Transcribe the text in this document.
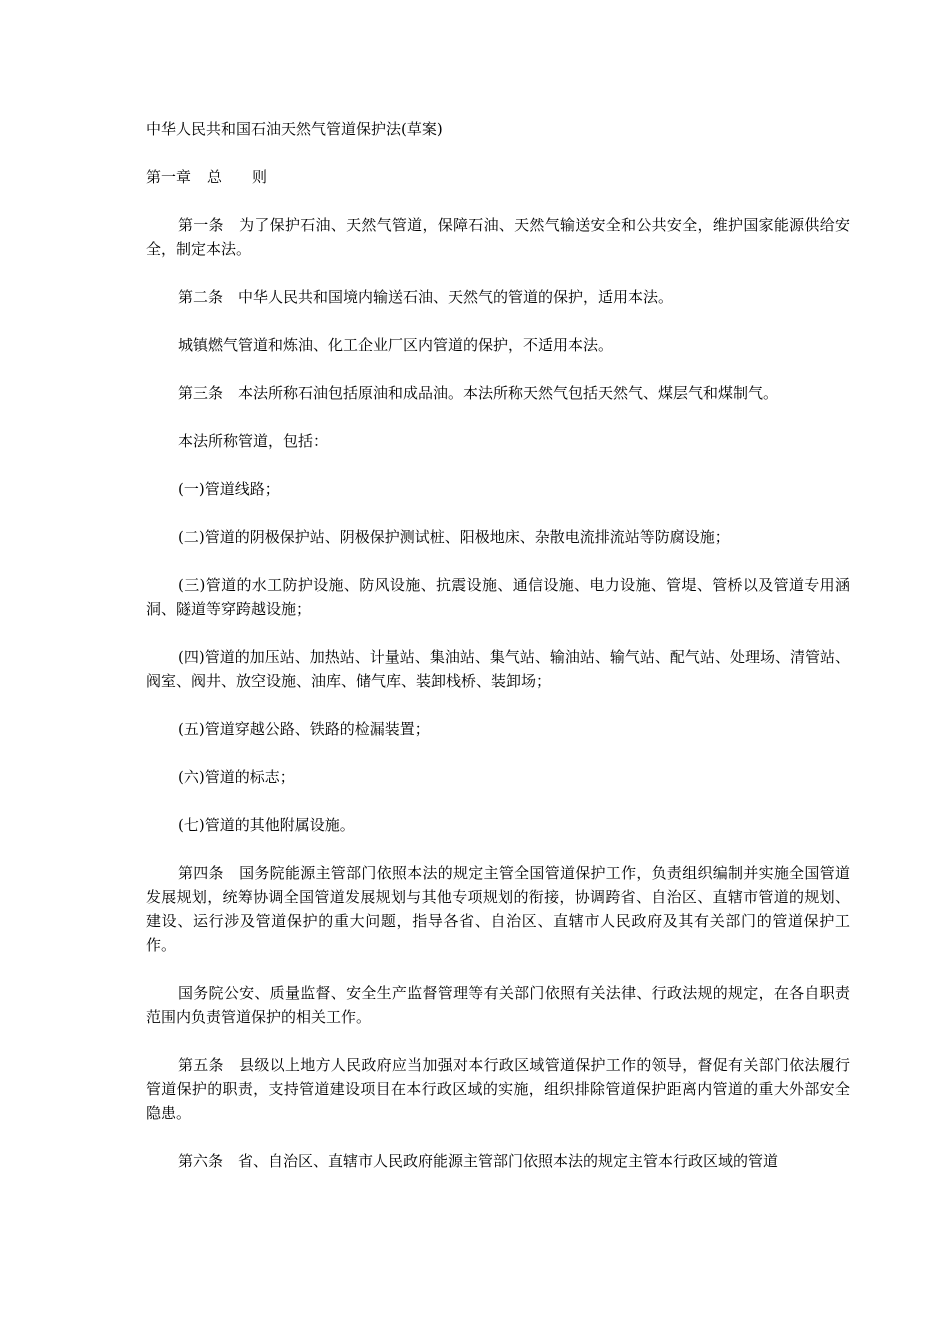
中华人民共和国石油天然气管道保护法(草案)
第一章 总 则

第一条　为了保护石油、天然气管道，保障石油、天然气输送安全和公共安全，维护国家能源供给安全，制定本法。

第二条　中华人民共和国境内输送石油、天然气的管道的保护，适用本法。

城镇燃气管道和炼油、化工企业厂区内管道的保护，不适用本法。

第三条　本法所称石油包括原油和成品油。本法所称天然气包括天然气、煤层气和煤制气。

本法所称管道，包括：

(一)管道线路；

(二)管道的阴极保护站、阴极保护测试桩、阳极地床、杂散电流排流站等防腐设施；

(三)管道的水工防护设施、防风设施、抗震设施、通信设施、电力设施、管堤、管桥以及管道专用涵洞、隧道等穿跨越设施；

(四)管道的加压站、加热站、计量站、集油站、集气站、输油站、输气站、配气站、处理场、清管站、阀室、阀井、放空设施、油库、储气库、装卸栈桥、装卸场；

(五)管道穿越公路、铁路的检漏装置；

(六)管道的标志；

(七)管道的其他附属设施。

第四条　国务院能源主管部门依照本法的规定主管全国管道保护工作，负责组织编制并实施全国管道发展规划，统筹协调全国管道发展规划与其他专项规划的衔接，协调跨省、自治区、直辖市管道的规划、建设、运行涉及管道保护的重大问题，指导各省、自治区、直辖市人民政府及其有关部门的管道保护工作。

国务院公安、质量监督、安全生产监督管理等有关部门依照有关法律、行政法规的规定，在各自职责范围内负责管道保护的相关工作。

第五条　县级以上地方人民政府应当加强对本行政区域管道保护工作的领导，督促有关部门依法履行管道保护的职责，支持管道建设项目在本行政区域的实施，组织排除管道保护距离内管道的重大外部安全隐患。

第六条　省、自治区、直辖市人民政府能源主管部门依照本法的规定主管本行政区域的管道
